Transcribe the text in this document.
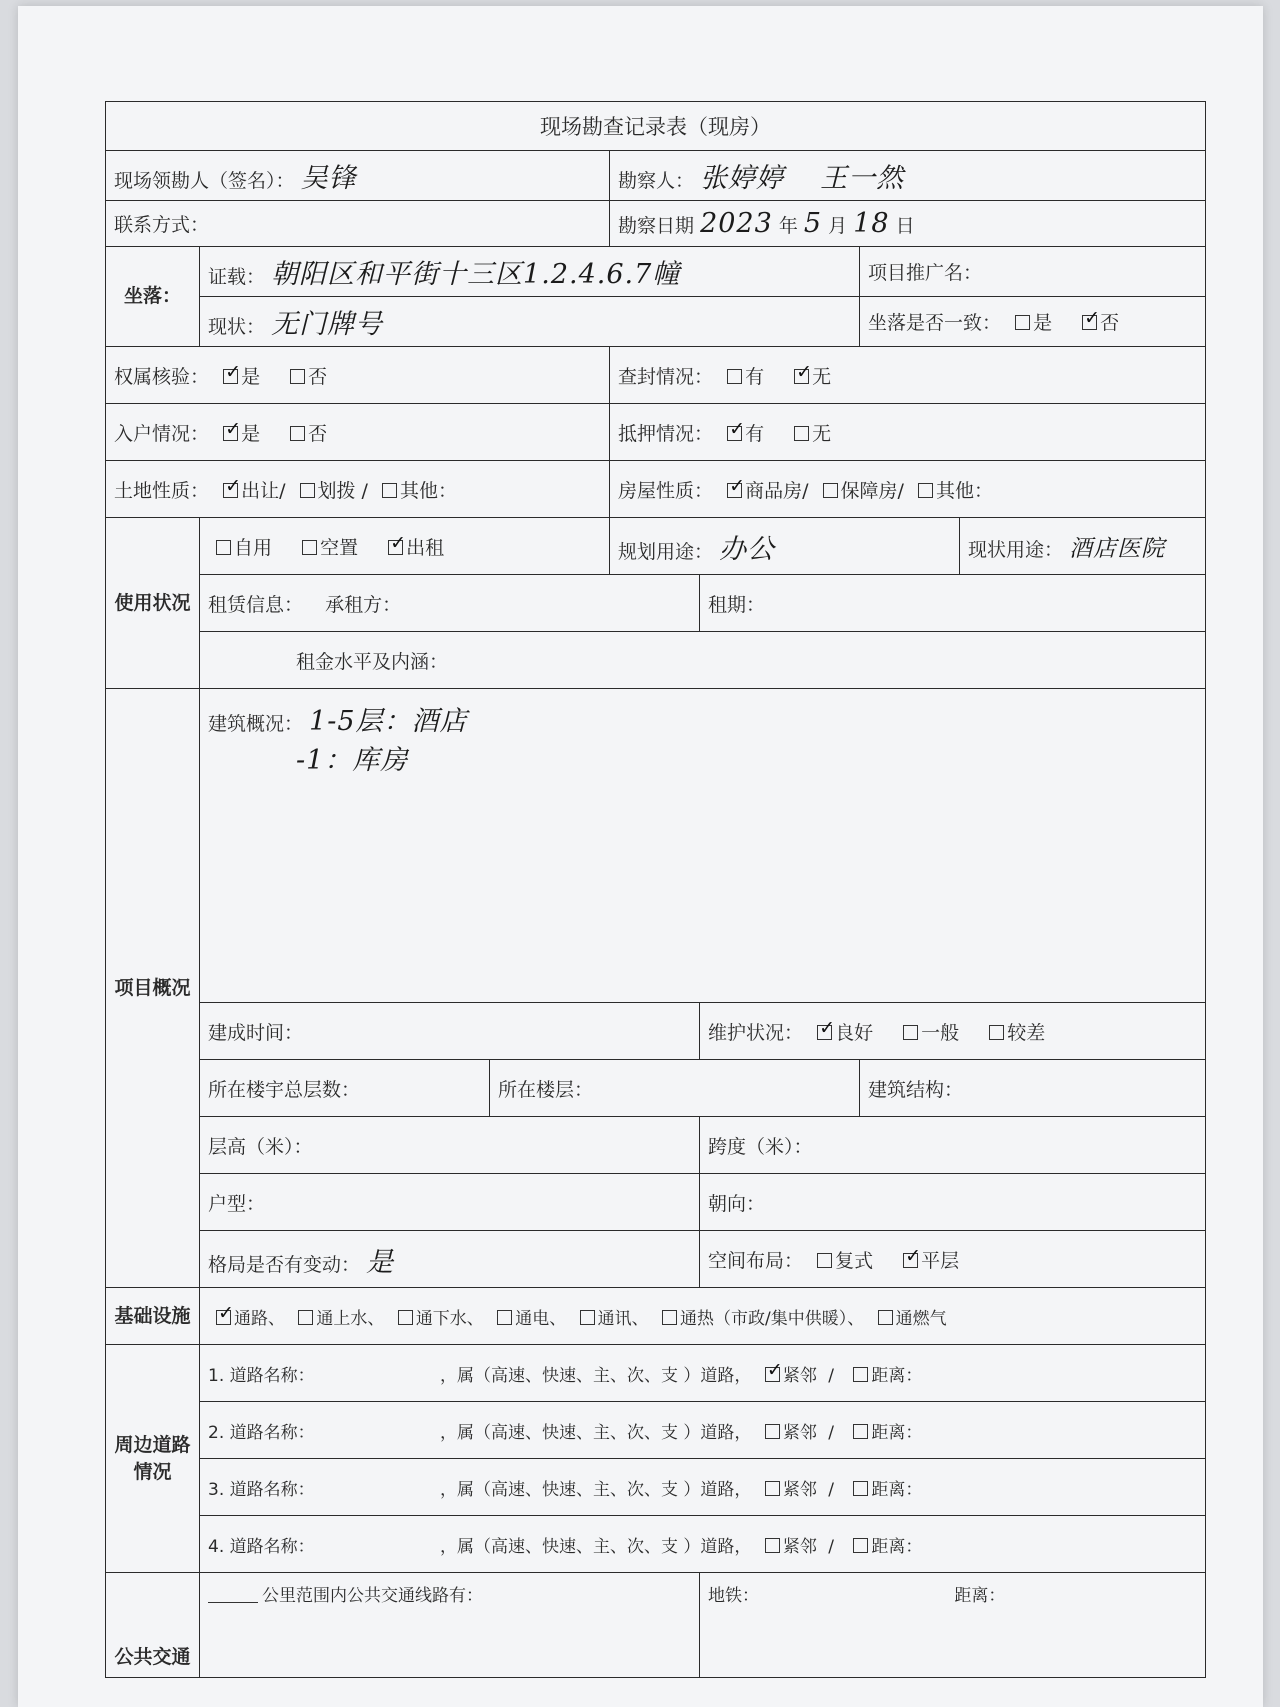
现场勘查记录表（现房）						
现场领勘人（签名）： 吴锋			勘察人： 张婷婷 王一然			
联系方式：			勘察日期 2023 年 5 月 18 日			
坐落：	证载： 朝阳区和平街十三区1.2.4.6.7幢				项目推广名：	
	现状： 无门牌号				坐落是否一致： 是 ✓ 否
权属核验： ✓ 是 否			查封情况： 有 ✓ 无
入户情况： ✓ 是 否			抵押情况： ✓ 有 无
土地性质： ✓ 出让/ 划拨 / 其他：			房屋性质： ✓ 商品房/ 保障房/ 其他：
使用状况	自用 空置 ✓ 出租		规划用途： 办公			现状用途： 酒店医院
	租赁信息： 承租方：			租期：		
	租金水平及内涵：					
项目概况	建筑概况： 1-5层：酒店
-1：库房					
	建成时间：			维护状况： ✓ 良好 一般 较差
	所在楼宇总层数：	所在楼层：			建筑结构：	
	层高（米）：			跨度（米）：		
	户型：			朝向：		
	格局是否有变动： 是			空间布局： 复式 ✓ 平层
基础设施	✓通路、 通上水、 通下水、 通电、 通讯、 通热（市政/集中供暖）、 通燃气
周边道路情况	1. 道路名称： ，属（高速、快速、主、次、支 ）道路， ✓ 紧邻 / 距离：
	2. 道路名称： ，属（高速、快速、主、次、支 ）道路， 紧邻 / 距离：					
	3. 道路名称： ，属（高速、快速、主、次、支 ）道路， 紧邻 / 距离：					
	4. 道路名称： ，属（高速、快速、主、次、支 ）道路， 紧邻 / 距离：					
公共交通	公里范围内公共交通线路有：			地铁： 距离：		
